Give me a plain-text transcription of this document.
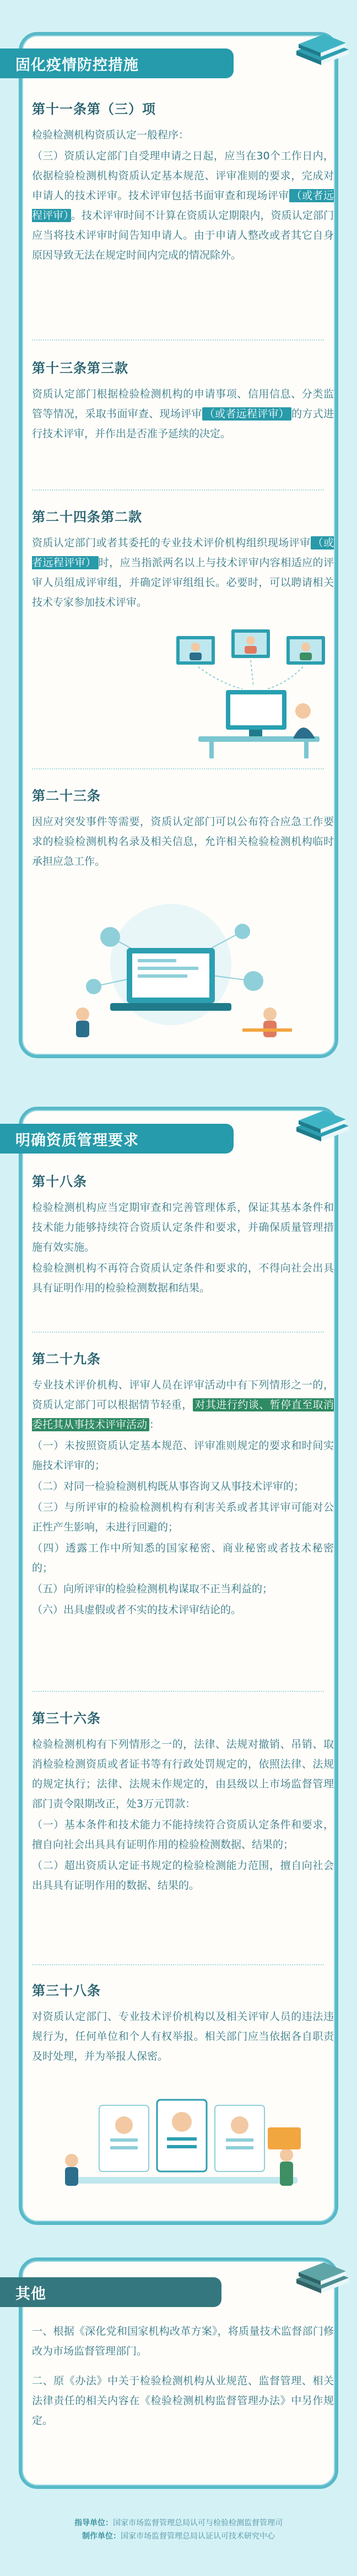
固化疫情防控措施
第十一条第（三）项

检验检测机构资质认定一般程序：

（三）资质认定部门自受理申请之日起，应当在30个工作日内，依据检验检测机构资质认定基本规范、评审准则的要求，完成对申请人的技术评审。技术评审包括书面审查和现场评审 （或者远程评审） 。技术评审时间不计算在资质认定期限内，资质认定部门应当将技术评审时间告知申请人。由于申请人整改或者其它自身原因导致无法在规定时间内完成的情况除外。

第十三条第三款

资质认定部门根据检验检测机构的申请事项、信用信息、分类监管等情况，采取书面审查、现场评审 （或者远程评审） 的方式进行技术评审，并作出是否准予延续的决定。

第二十四条第二款

资质认定部门或者其委托的专业技术评价机构组织现场评审 （或者远程评审） 时，应当指派两名以上与技术评审内容相适应的评审人员组成评审组，并确定评审组组长。必要时，可以聘请相关技术专家参加技术评审。

第二十三条

因应对突发事件等需要，资质认定部门可以公布符合应急工作要求的检验检测机构名录及相关信息，允许相关检验检测机构临时承担应急工作。

明确资质管理要求
第十八条

检验检测机构应当定期审查和完善管理体系，保证其基本条件和技术能力能够持续符合资质认定条件和要求，并确保质量管理措施有效实施。

检验检测机构不再符合资质认定条件和要求的，不得向社会出具具有证明作用的检验检测数据和结果。

第二十九条

专业技术评价机构、评审人员在评审活动中有下列情形之一的，资质认定部门可以根据情节轻重， 对其进行约谈、暂停直至取消委托其从事技术评审活动 ：

（一）未按照资质认定基本规范、评审准则规定的要求和时间实施技术评审的；

（二）对同一检验检测机构既从事咨询又从事技术评审的；

（三）与所评审的检验检测机构有利害关系或者其评审可能对公正性产生影响，未进行回避的；

（四）透露工作中所知悉的国家秘密、商业秘密或者技术秘密的；

（五）向所评审的检验检测机构谋取不正当利益的；

（六）出具虚假或者不实的技术评审结论的。

第三十六条

检验检测机构有下列情形之一的，法律、法规对撤销、吊销、取消检验检测资质或者证书等有行政处罚规定的，依照法律、法规的规定执行；法律、法规未作规定的，由县级以上市场监督管理部门责令限期改正，处3万元罚款：

（一）基本条件和技术能力不能持续符合资质认定条件和要求，擅自向社会出具具有证明作用的检验检测数据、结果的；

（二）超出资质认定证书规定的检验检测能力范围，擅自向社会出具具有证明作用的数据、结果的。

第三十八条

对资质认定部门、专业技术评价机构以及相关评审人员的违法违规行为，任何单位和个人有权举报。相关部门应当依据各自职责及时处理，并为举报人保密。

其他

一、根据《深化党和国家机构改革方案》，将质量技术监督部门修改为市场监督管理部门。

二、原《办法》中关于检验检测机构从业规范、监督管理、相关法律责任的相关内容在《检验检测机构监督管理办法》中另作规定。

指导单位：国家市场监督管理总局认可与检验检测监督管理司
制作单位：国家市场监督管理总局认证认可技术研究中心
